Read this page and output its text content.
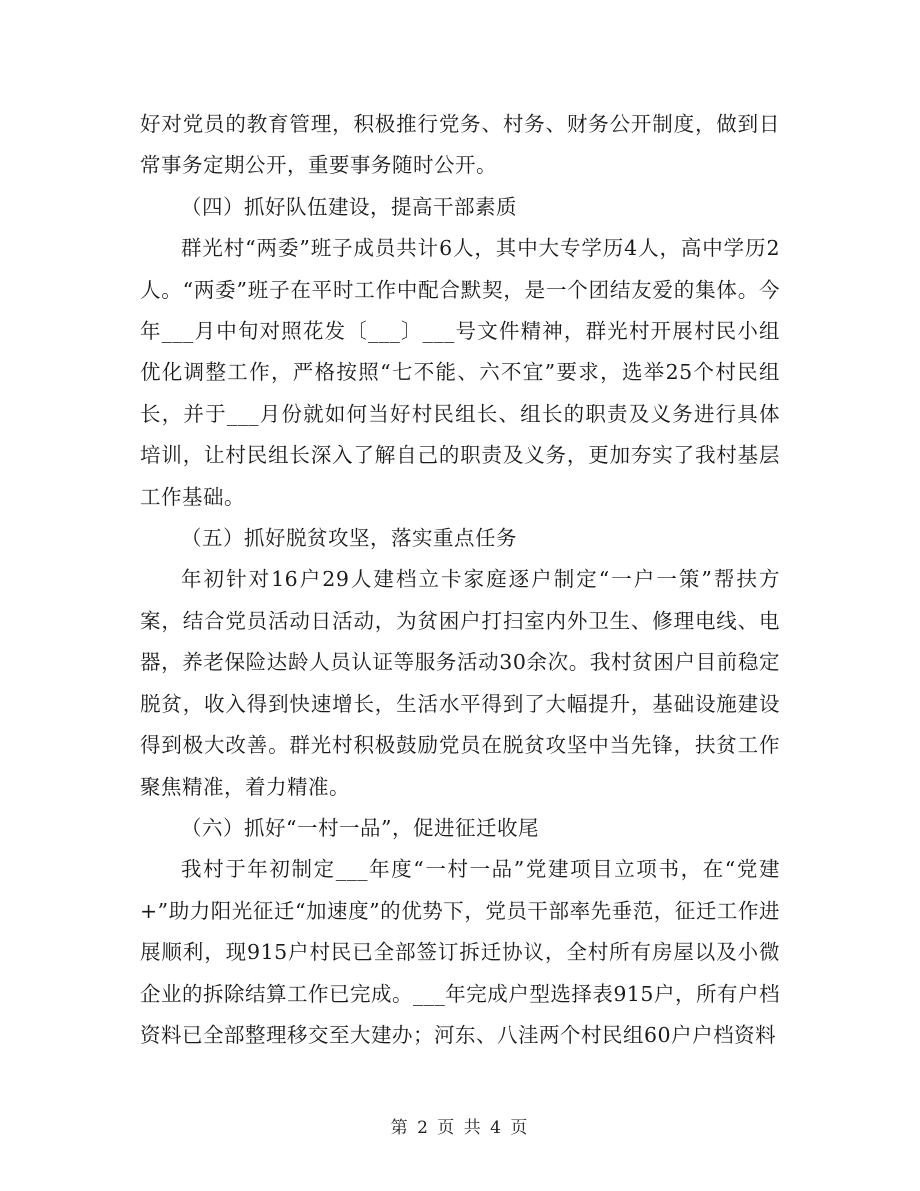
好对党员的教育管理，积极推行党务、村务、财务公开制度，做到日常事务定期公开，重要事务随时公开。

（四）抓好队伍建设，提高干部素质

群光村“两委”班子成员共计6人，其中大专学历4人，高中学历2人。“两委”班子在平时工作中配合默契，是一个团结友爱的集体。今年___月中旬对照花发〔___〕___号文件精神，群光村开展村民小组优化调整工作，严格按照“七不能、六不宜”要求，选举25个村民组长，并于___月份就如何当好村民组长、组长的职责及义务进行具体培训，让村民组长深入了解自己的职责及义务，更加夯实了我村基层工作基础。

（五）抓好脱贫攻坚，落实重点任务

年初针对16户29人建档立卡家庭逐户制定“一户一策”帮扶方案，结合党员活动日活动，为贫困户打扫室内外卫生、修理电线、电器，养老保险达龄人员认证等服务活动30余次。我村贫困户目前稳定脱贫，收入得到快速增长，生活水平得到了大幅提升，基础设施建设得到极大改善。群光村积极鼓励党员在脱贫攻坚中当先锋，扶贫工作聚焦精准，着力精准。

（六）抓好“一村一品”，促进征迁收尾

我村于年初制定___年度“一村一品”党建项目立项书，在“党建+”助力阳光征迁“加速度”的优势下，党员干部率先垂范，征迁工作进展顺利，现915户村民已全部签订拆迁协议，全村所有房屋以及小微企业的拆除结算工作已完成。___年完成户型选择表915户，所有户档资料已全部整理移交至大建办；河东、八洼两个村民组60户户档资料

第 2 页 共 4 页
